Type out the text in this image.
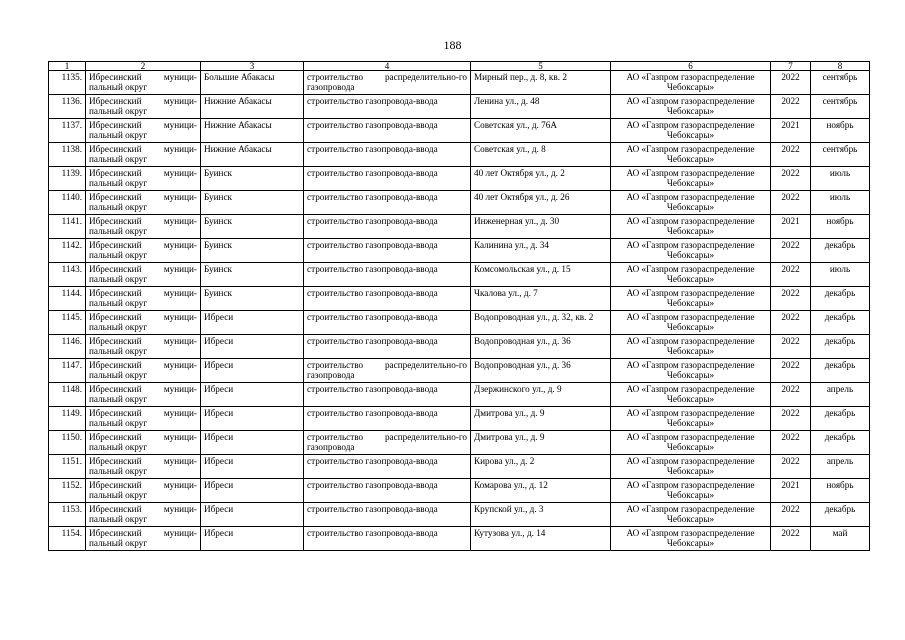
188
1	2	3	4	5	6	7	8
1135.	Ибресинский муници-пальный округ	Большие Абакасы	строительство распределительно-го газопровода	Мирный пер., д. 8, кв. 2	АО «Газпром газораспределение Чебоксары»	2022	сентябрь
1136.	Ибресинский муници-пальный округ	Нижние Абакасы	строительство газопровода-ввода	Ленина ул., д. 48	АО «Газпром газораспределение Чебоксары»	2022	сентябрь
1137.	Ибресинский муници-пальный округ	Нижние Абакасы	строительство газопровода-ввода	Советская ул., д. 76А	АО «Газпром газораспределение Чебоксары»	2021	ноябрь
1138.	Ибресинский муници-пальный округ	Нижние Абакасы	строительство газопровода-ввода	Советская ул., д. 8	АО «Газпром газораспределение Чебоксары»	2022	сентябрь
1139.	Ибресинский муници-пальный округ	Буинск	строительство газопровода-ввода	40 лет Октября ул., д. 2	АО «Газпром газораспределение Чебоксары»	2022	июль
1140.	Ибресинский муници-пальный округ	Буинск	строительство газопровода-ввода	40 лет Октября ул., д. 26	АО «Газпром газораспределение Чебоксары»	2022	июль
1141.	Ибресинский муници-пальный округ	Буинск	строительство газопровода-ввода	Инженерная ул., д. 30	АО «Газпром газораспределение Чебоксары»	2021	ноябрь
1142.	Ибресинский муници-пальный округ	Буинск	строительство газопровода-ввода	Калинина ул., д. 34	АО «Газпром газораспределение Чебоксары»	2022	декабрь
1143.	Ибресинский муници-пальный округ	Буинск	строительство газопровода-ввода	Комсомольская ул., д. 15	АО «Газпром газораспределение Чебоксары»	2022	июль
1144.	Ибресинский муници-пальный округ	Буинск	строительство газопровода-ввода	Чкалова ул., д. 7	АО «Газпром газораспределение Чебоксары»	2022	декабрь
1145.	Ибресинский муници-пальный округ	Ибреси	строительство газопровода-ввода	Водопроводная ул., д. 32, кв. 2	АО «Газпром газораспределение Чебоксары»	2022	декабрь
1146.	Ибресинский муници-пальный округ	Ибреси	строительство газопровода-ввода	Водопроводная ул., д. 36	АО «Газпром газораспределение Чебоксары»	2022	декабрь
1147.	Ибресинский муници-пальный округ	Ибреси	строительство распределительно-го газопровода	Водопроводная ул., д. 36	АО «Газпром газораспределение Чебоксары»	2022	декабрь
1148.	Ибресинский муници-пальный округ	Ибреси	строительство газопровода-ввода	Дзержинского ул., д. 9	АО «Газпром газораспределение Чебоксары»	2022	апрель
1149.	Ибресинский муници-пальный округ	Ибреси	строительство газопровода-ввода	Дмитрова ул., д. 9	АО «Газпром газораспределение Чебоксары»	2022	декабрь
1150.	Ибресинский муници-пальный округ	Ибреси	строительство распределительно-го газопровода	Дмитрова ул., д. 9	АО «Газпром газораспределение Чебоксары»	2022	декабрь
1151.	Ибресинский муници-пальный округ	Ибреси	строительство газопровода-ввода	Кирова ул., д. 2	АО «Газпром газораспределение Чебоксары»	2022	апрель
1152.	Ибресинский муници-пальный округ	Ибреси	строительство газопровода-ввода	Комарова ул., д. 12	АО «Газпром газораспределение Чебоксары»	2021	ноябрь
1153.	Ибресинский муници-пальный округ	Ибреси	строительство газопровода-ввода	Крупской ул., д. 3	АО «Газпром газораспределение Чебоксары»	2022	декабрь
1154.	Ибресинский муници-пальный округ	Ибреси	строительство газопровода-ввода	Кутузова ул., д. 14	АО «Газпром газораспределение Чебоксары»	2022	май
